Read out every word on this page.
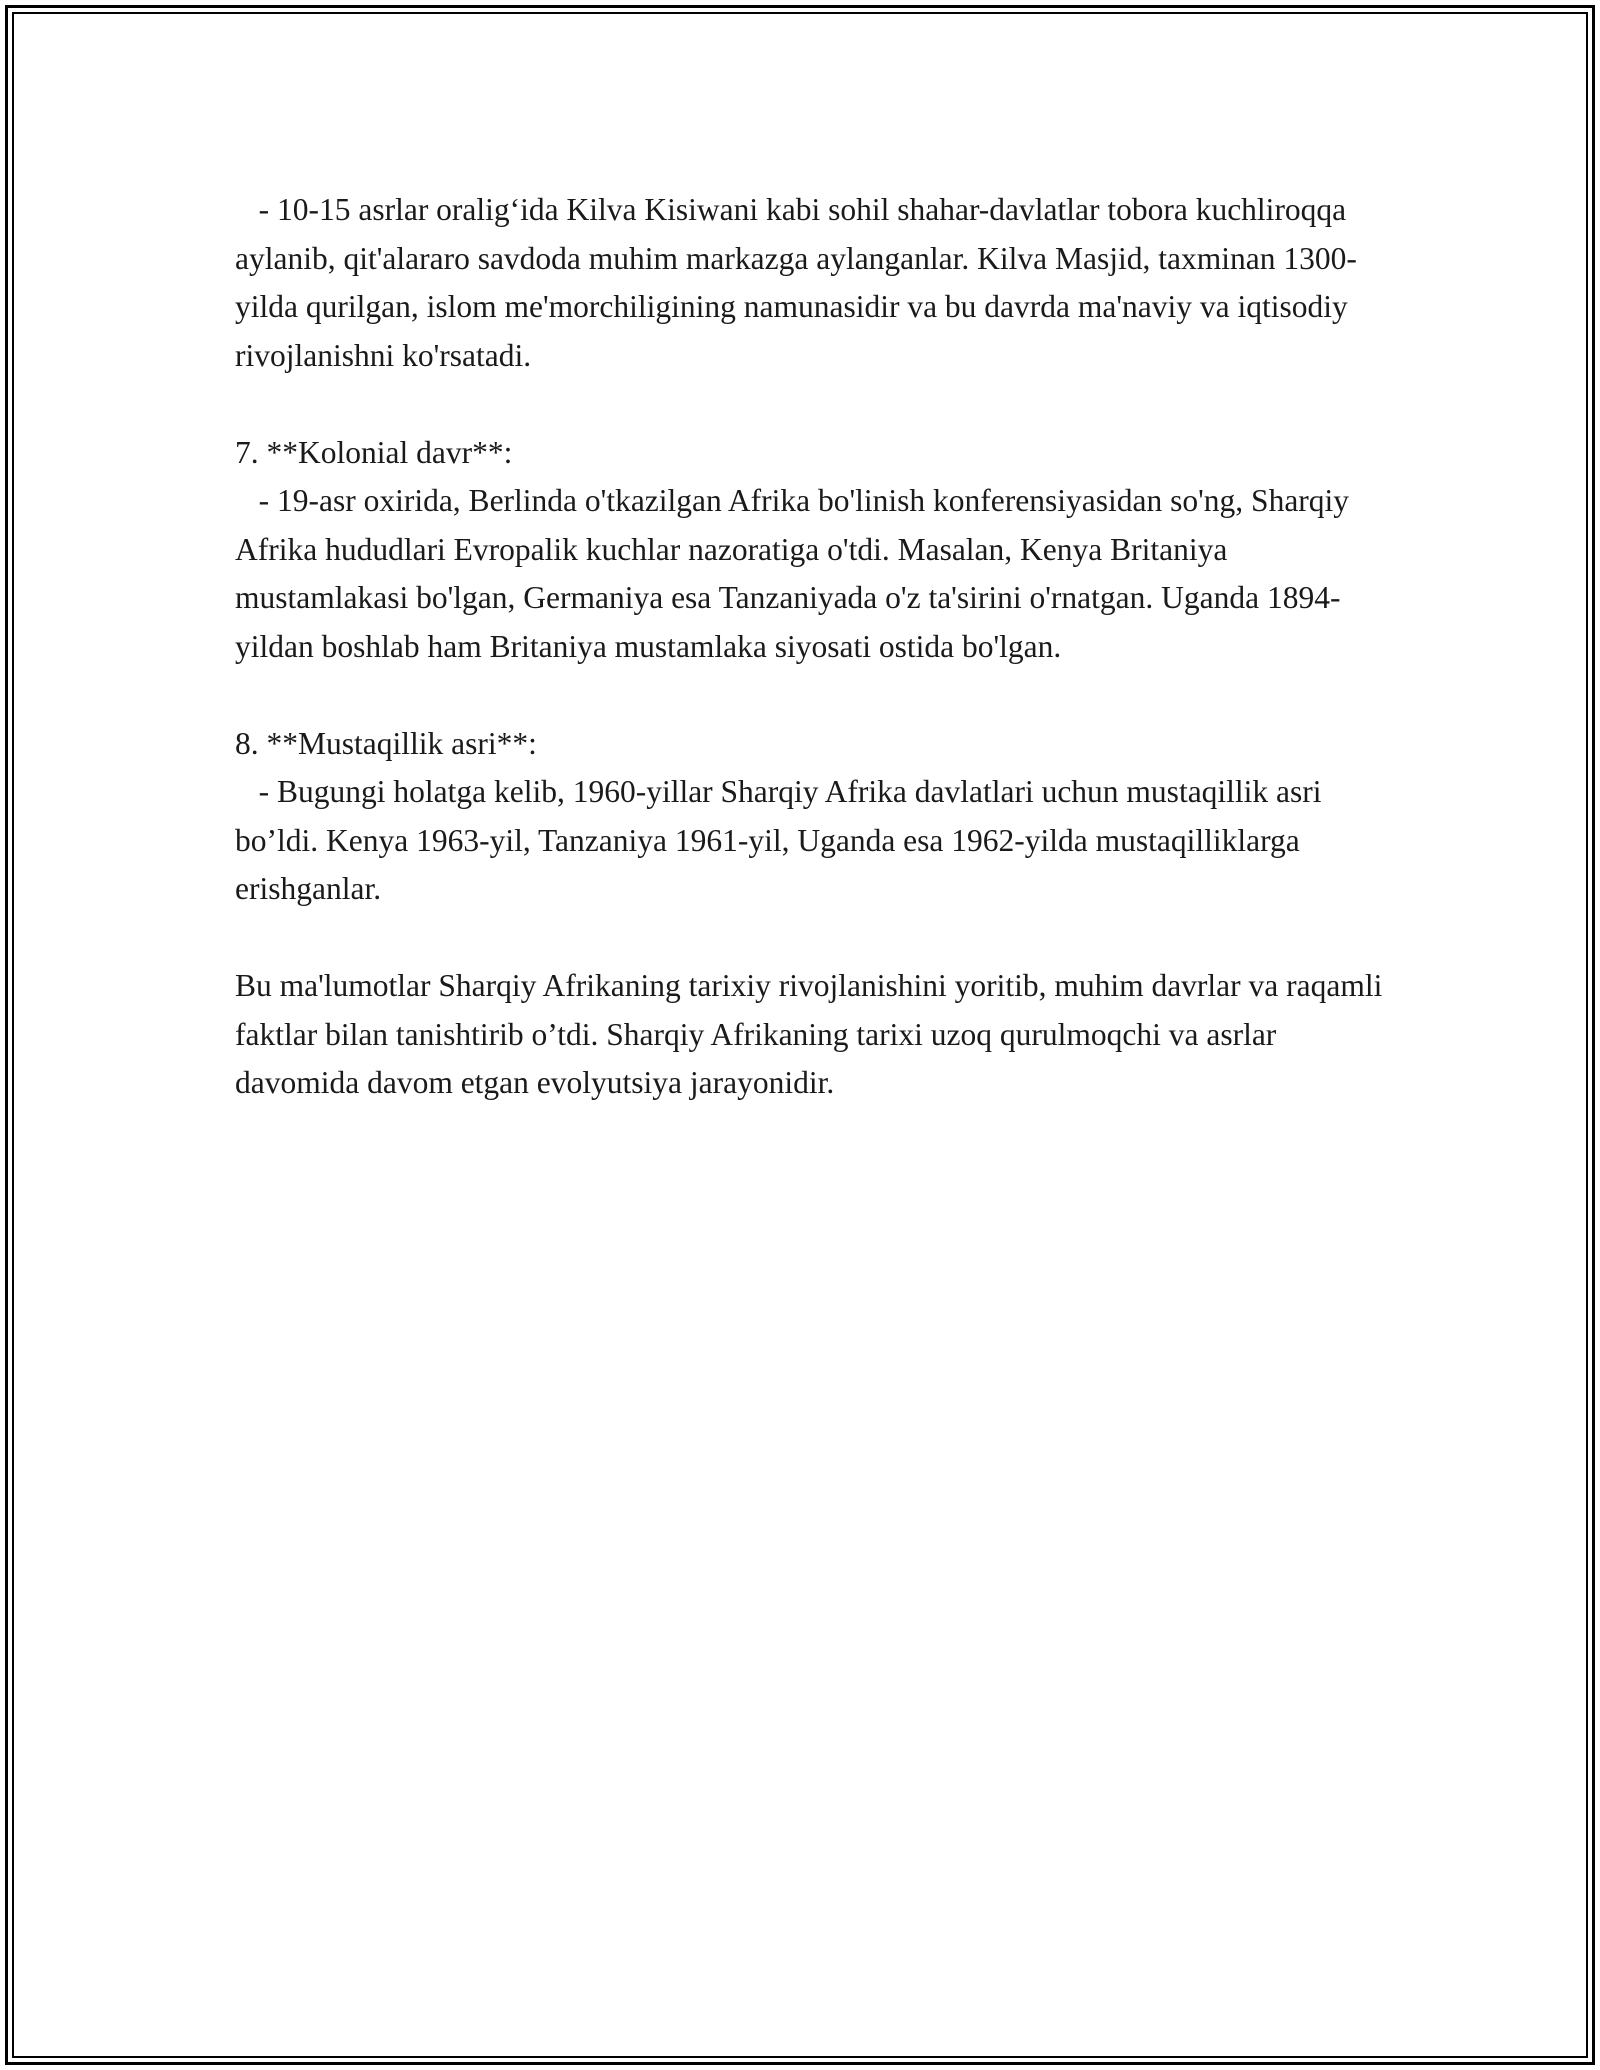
- 10-15 asrlar oralig‘ida Kilva Kisiwani kabi sohil shahar-davlatlar tobora kuchliroqqa aylanib, qit'alararo savdoda muhim markazga aylanganlar. Kilva Masjid, taxminan 1300-yilda qurilgan, islom me'morchiligining namunasidir va bu davrda ma'naviy va iqtisodiy rivojlanishni ko'rsatadi.

7. **Kolonial davr**:

- 19-asr oxirida, Berlinda o'tkazilgan Afrika bo'linish konferensiyasidan so'ng, Sharqiy Afrika hududlari Evropalik kuchlar nazoratiga o'tdi. Masalan, Kenya Britaniya mustamlakasi bo'lgan, Germaniya esa Tanzaniyada o'z ta'sirini o'rnatgan. Uganda 1894-yildan boshlab ham Britaniya mustamlaka siyosati ostida bo'lgan.

8. **Mustaqillik asri**:

- Bugungi holatga kelib, 1960-yillar Sharqiy Afrika davlatlari uchun mustaqillik asri bo’ldi. Kenya 1963-yil, Tanzaniya 1961-yil, Uganda esa 1962-yilda mustaqilliklarga erishganlar.

Bu ma'lumotlar Sharqiy Afrikaning tarixiy rivojlanishini yoritib, muhim davrlar va raqamli faktlar bilan tanishtirib o’tdi. Sharqiy Afrikaning tarixi uzoq qurulmoqchi va asrlar davomida davom etgan evolyutsiya jarayonidir.
